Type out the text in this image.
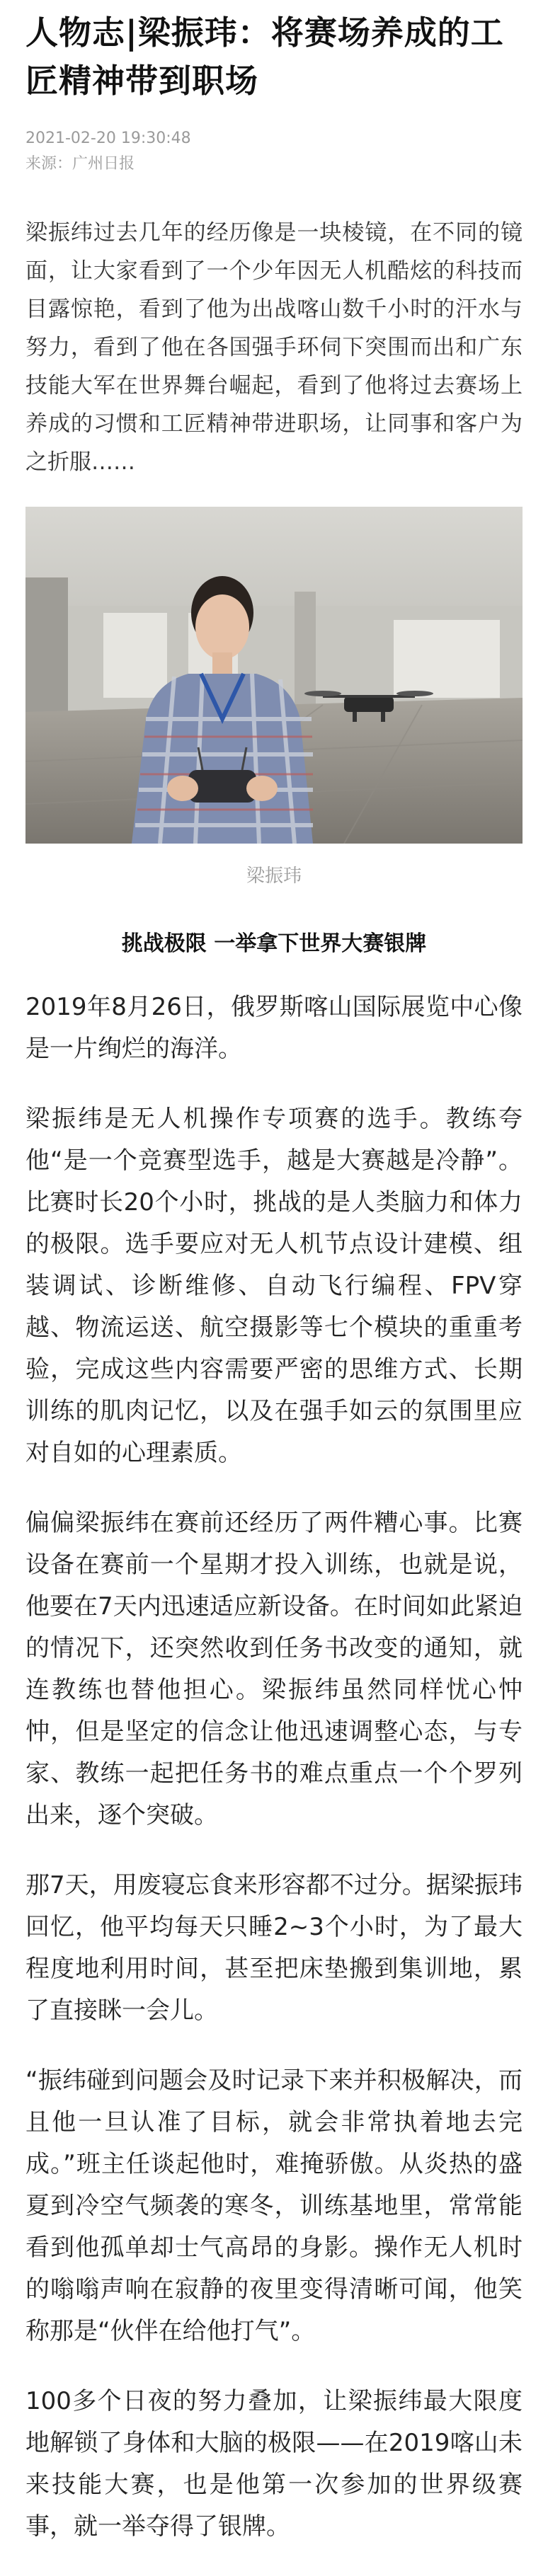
人物志|梁振玮：将赛场养成的工匠精神带到职场
2021-02-20 19:30:48
来源：广州日报

梁振纬过去几年的经历像是一块棱镜，在不同的镜面，让大家看到了一个少年因无人机酷炫的科技而目露惊艳，看到了他为出战喀山数千小时的汗水与努力，看到了他在各国强手环伺下突围而出和广东技能大军在世界舞台崛起，看到了他将过去赛场上养成的习惯和工匠精神带进职场，让同事和客户为之折服……

梁振玮
挑战极限 一举拿下世界大赛银牌

2019年8月26日，俄罗斯喀山国际展览中心像是一片绚烂的海洋。

梁振纬是无人机操作专项赛的选手。教练夸他“是一个竞赛型选手，越是大赛越是冷静”。比赛时长20个小时，挑战的是人类脑力和体力的极限。选手要应对无人机节点设计建模、组装调试、诊断维修、自动飞行编程、FPV穿越、物流运送、航空摄影等七个模块的重重考验，完成这些内容需要严密的思维方式、长期训练的肌肉记忆，以及在强手如云的氛围里应对自如的心理素质。

偏偏梁振纬在赛前还经历了两件糟心事。比赛设备在赛前一个星期才投入训练，也就是说，他要在7天内迅速适应新设备。在时间如此紧迫的情况下，还突然收到任务书改变的通知，就连教练也替他担心。梁振纬虽然同样忧心忡忡，但是坚定的信念让他迅速调整心态，与专家、教练一起把任务书的难点重点一个个罗列出来，逐个突破。

那7天，用废寝忘食来形容都不过分。据梁振玮回忆，他平均每天只睡2~3个小时，为了最大程度地利用时间，甚至把床垫搬到集训地，累了直接眯一会儿。

“振纬碰到问题会及时记录下来并积极解决，而且他一旦认准了目标，就会非常执着地去完成。”班主任谈起他时，难掩骄傲。从炎热的盛夏到冷空气频袭的寒冬，训练基地里，常常能看到他孤单却士气高昂的身影。操作无人机时的嗡嗡声响在寂静的夜里变得清晰可闻，他笑称那是“伙伴在给他打气”。

100多个日夜的努力叠加，让梁振纬最大限度地解锁了身体和大脑的极限——在2019喀山未来技能大赛，也是他第一次参加的世界级赛事，就一举夺得了银牌。
